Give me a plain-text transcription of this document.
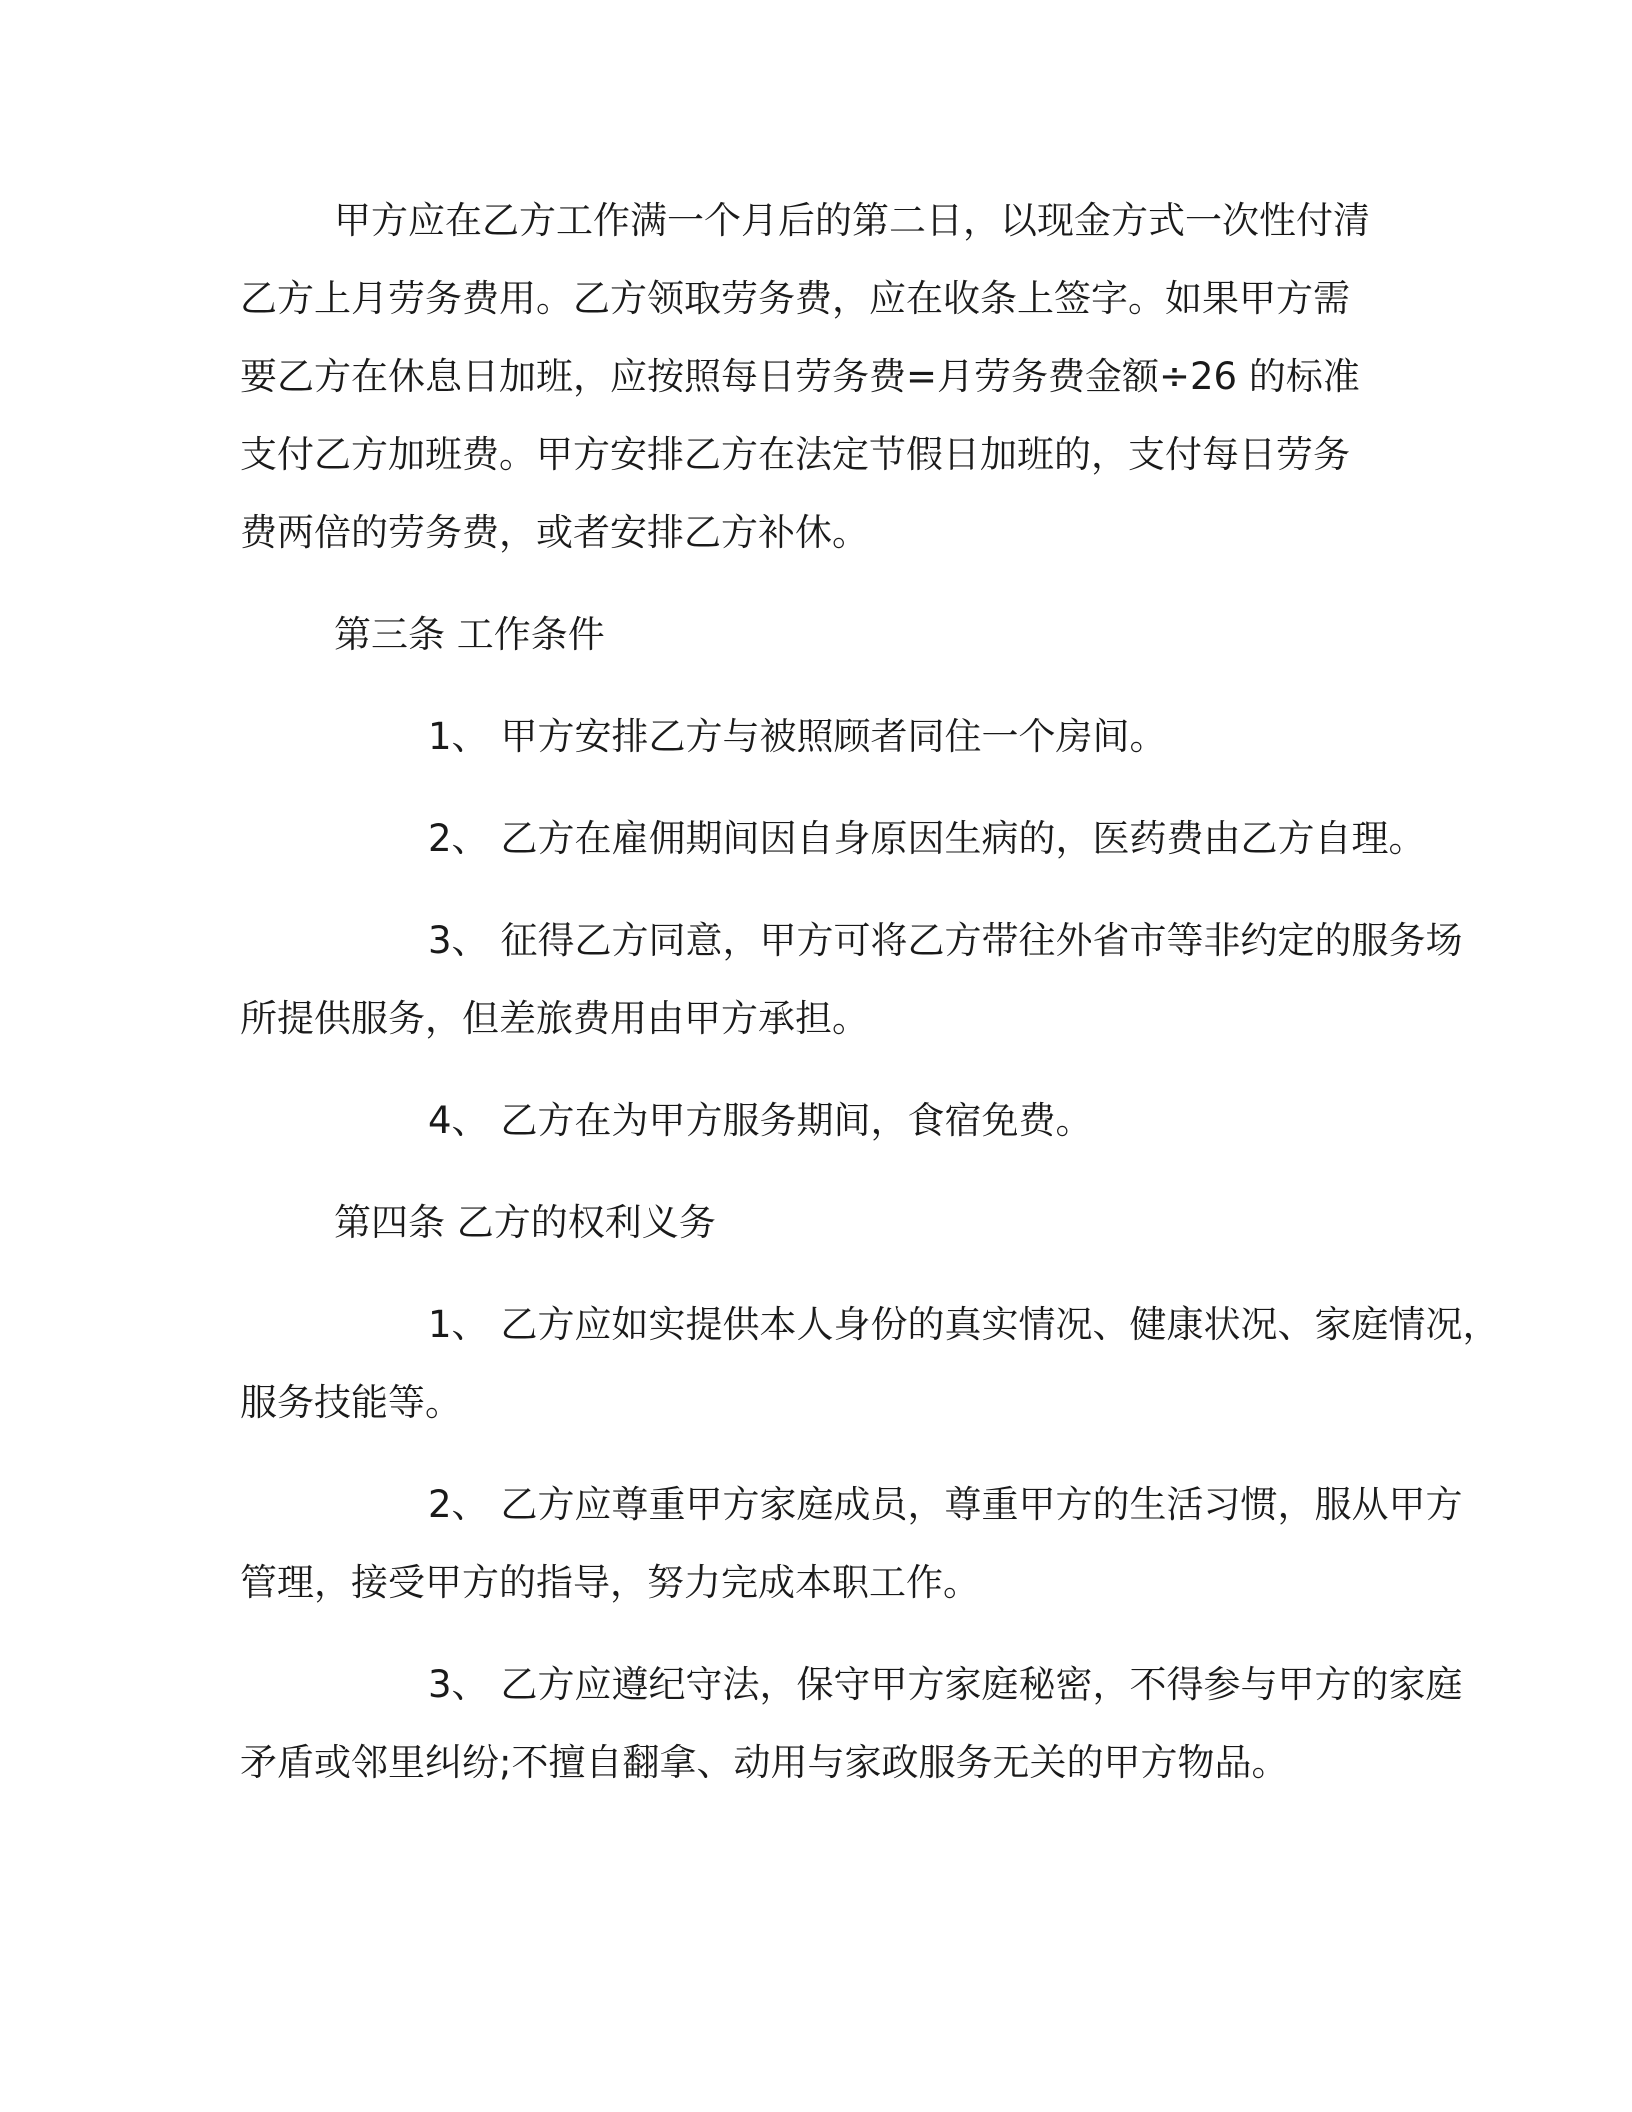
甲方应在乙方工作满一个月后的第二日，以现金方式一次性付清
乙方上月劳务费用。乙方领取劳务费，应在收条上签字。如果甲方需
要乙方在休息日加班，应按照每日劳务费=月劳务费金额÷26 的标准
支付乙方加班费。甲方安排乙方在法定节假日加班的，支付每日劳务
费两倍的劳务费，或者安排乙方补休。
第三条 工作条件
1、 甲方安排乙方与被照顾者同住一个房间。
2、 乙方在雇佣期间因自身原因生病的，医药费由乙方自理。
3、 征得乙方同意，甲方可将乙方带往外省市等非约定的服务场
所提供服务，但差旅费用由甲方承担。
4、 乙方在为甲方服务期间，食宿免费。
第四条 乙方的权利义务
1、 乙方应如实提供本人身份的真实情况、健康状况、家庭情况，
服务技能等。
2、 乙方应尊重甲方家庭成员，尊重甲方的生活习惯，服从甲方
管理，接受甲方的指导，努力完成本职工作。
3、 乙方应遵纪守法，保守甲方家庭秘密，不得参与甲方的家庭
矛盾或邻里纠纷;不擅自翻拿、动用与家政服务无关的甲方物品。
